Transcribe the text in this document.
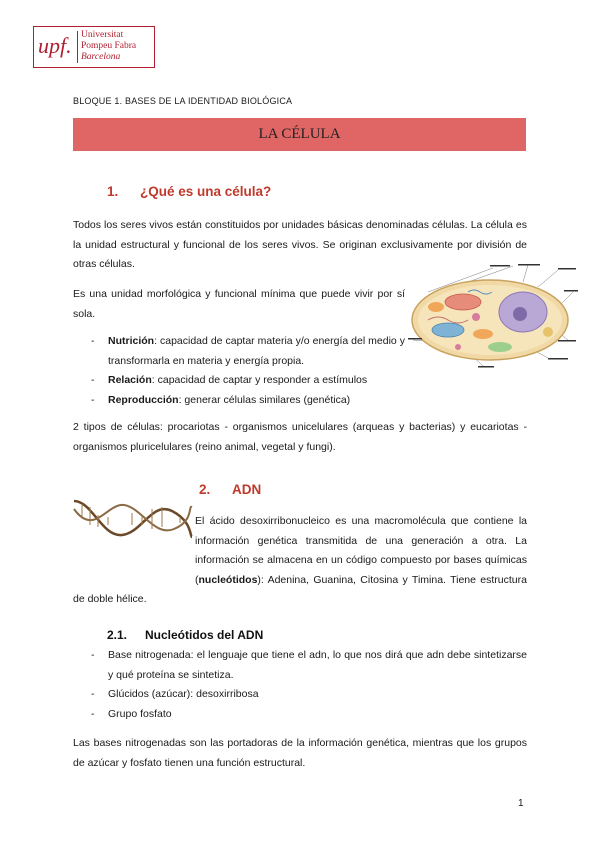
upf. Universitat
Pompeu Fabra
Barcelona
BLOQUE 1. BASES DE LA IDENTIDAD BIOLÓGICA
LA CÉLULA
1. ¿Qué es una célula?
Todos los seres vivos están constituidos por unidades básicas denominadas células. La célula es la unidad estructural y funcional de los seres vivos. Se originan exclusivamente por división de otras células.
Es una unidad morfológica y funcional mínima que puede vivir por sí sola.
- Nutrición: capacidad de captar materia y/o energía del medio y transformarla en materia y energía propia.
- Relación: capacidad de captar y responder a estímulos
- Reproducción: generar células similares (genética)
2 tipos de células: procariotas - organismos unicelulares (arqueas y bacterias) y eucariotas - organismos pluricelulares (reino animal, vegetal y fungi).
2. ADN
El ácido desoxirribonucleico es una macromolécula que contiene la información genética transmitida de una generación a otra. La información se almacena en un código compuesto por bases químicas (nucleótidos): Adenina, Guanina, Citosina y Timina. Tiene estructura de doble hélice.
2.1. Nucleótidos del ADN
- Base nitrogenada: el lenguaje que tiene el adn, lo que nos dirá que adn debe sintetizarse y qué proteína se sintetiza.
- Glúcidos (azúcar): desoxirribosa
- Grupo fosfato
Las bases nitrogenadas son las portadoras de la información genética, mientras que los grupos de azúcar y fosfato tienen una función estructural.
1
